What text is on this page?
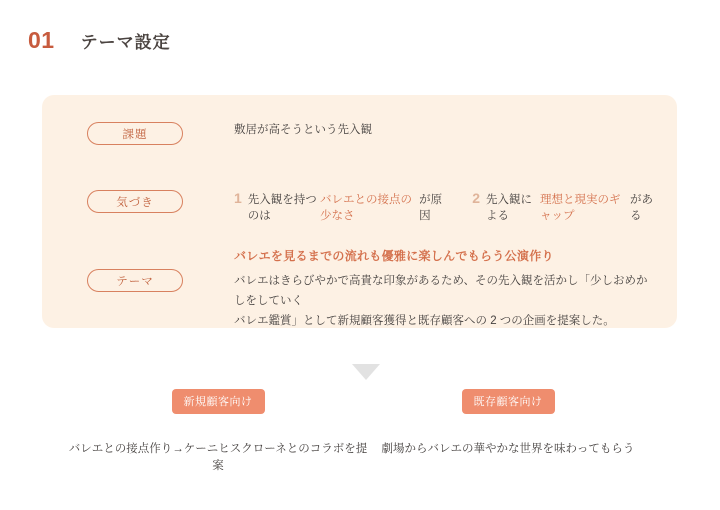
01 テーマ設定
課題	敷居が高そうという先入観
気づき	1 先入観を持つのは
バレエとの接点の少なさ
が原因
2 先入観による
理想と現実のギャップ
がある
テーマ
バレエを見るまでの流れも優雅に楽しんでもらう公演作り
バレエはきらびやかで高貴な印象があるため、その先入観を活かし「少しおめかしをしていく
バレエ鑑賞」として新規顧客獲得と既存顧客への 2 つの企画を提案した。
新規顧客向け
バレエとの接点作り→ケーニヒスクローネとのコラボを提案
既存顧客向け
劇場からバレエの華やかな世界を味わってもらう
